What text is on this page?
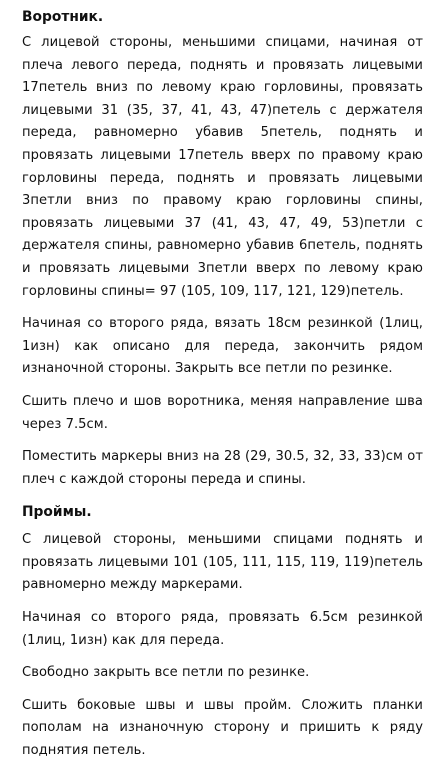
Воротник.

С лицевой стороны, меньшими спицами, начиная от плеча левого переда, поднять и провязать лицевыми 17петель вниз по левому краю горловины, провязать лицевыми 31 (35, 37, 41, 43, 47)петель с держателя переда, равномерно убавив 5петель, поднять и провязать лицевыми 17петель вверх по правому краю горловины переда, поднять и провязать лицевыми 3петли вниз по правому краю горловины спины, провязать лицевыми 37 (41, 43, 47, 49, 53)петли с держателя спины, равномерно убавив 6петель, поднять и провязать лицевыми 3петли вверх по левому краю горловины спины= 97 (105, 109, 117, 121, 129)петель.

Начиная со второго ряда, вязать 18см резинкой (1лиц, 1изн) как описано для переда, закончить рядом изнаночной стороны. Закрыть все петли по резинке.

Сшить плечо и шов воротника, меняя направление шва через 7.5см.

Поместить маркеры вниз на 28 (29, 30.5, 32, 33, 33)см от плеч с каждой стороны переда и спины.

Проймы.

С лицевой стороны, меньшими спицами поднять и провязать лицевыми 101 (105, 111, 115, 119, 119)петель равномерно между маркерами.

Начиная со второго ряда, провязать 6.5см резинкой (1лиц, 1изн) как для переда.

Свободно закрыть все петли по резинке.

Сшить боковые швы и швы пройм. Сложить планки пополам на изнаночную сторону и пришить к ряду поднятия петель.
